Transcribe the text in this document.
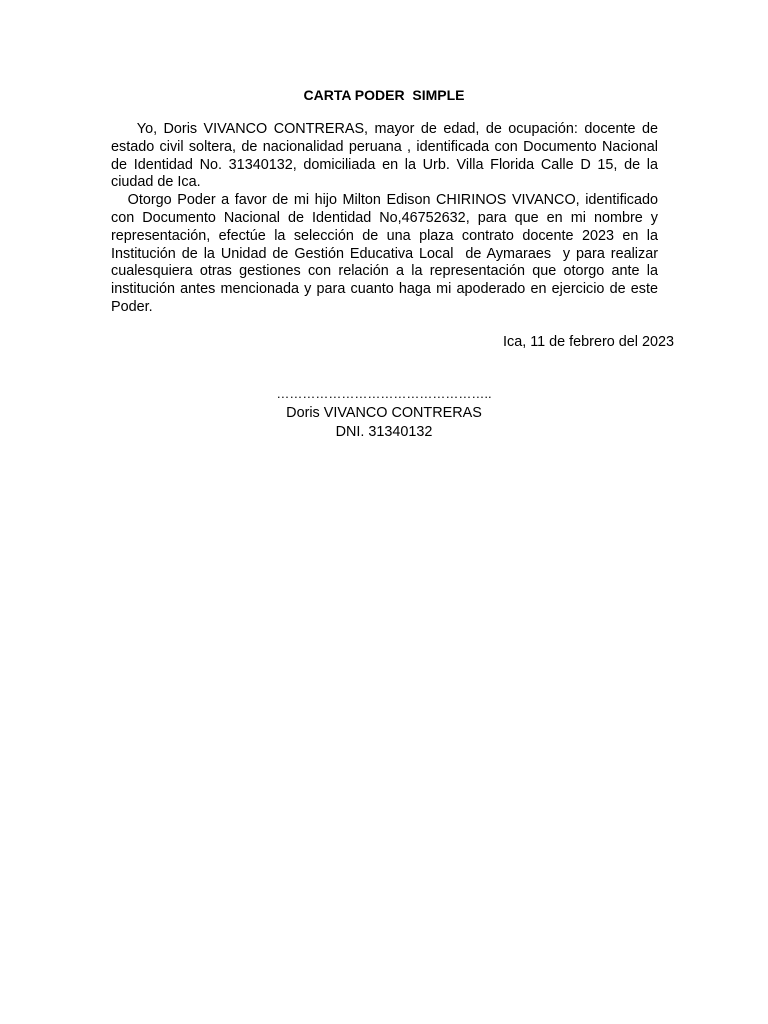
CARTA PODER  SIMPLE

Yo, Doris VIVANCO CONTRERAS, mayor de edad, de ocupación: docente de estado civil soltera, de nacionalidad peruana , identificada con Documento Nacional de Identidad No. 31340132, domiciliada en la Urb. Villa Florida Calle D 15, de la ciudad de Ica.

Otorgo Poder a favor de mi hijo Milton Edison CHIRINOS VIVANCO, identificado con Documento Nacional de Identidad No,46752632, para que en mi nombre y representación, efectúe la selección de una plaza contrato docente 2023 en la Institución de la Unidad de Gestión Educativa Local  de Aymaraes  y para realizar cualesquiera otras gestiones con relación a la representación que otorgo ante la institución antes mencionada y para cuanto haga mi apoderado en ejercicio de este Poder.

Ica, 11 de febrero del 2023
…………………………………………..
Doris VIVANCO CONTRERAS
DNI. 31340132
